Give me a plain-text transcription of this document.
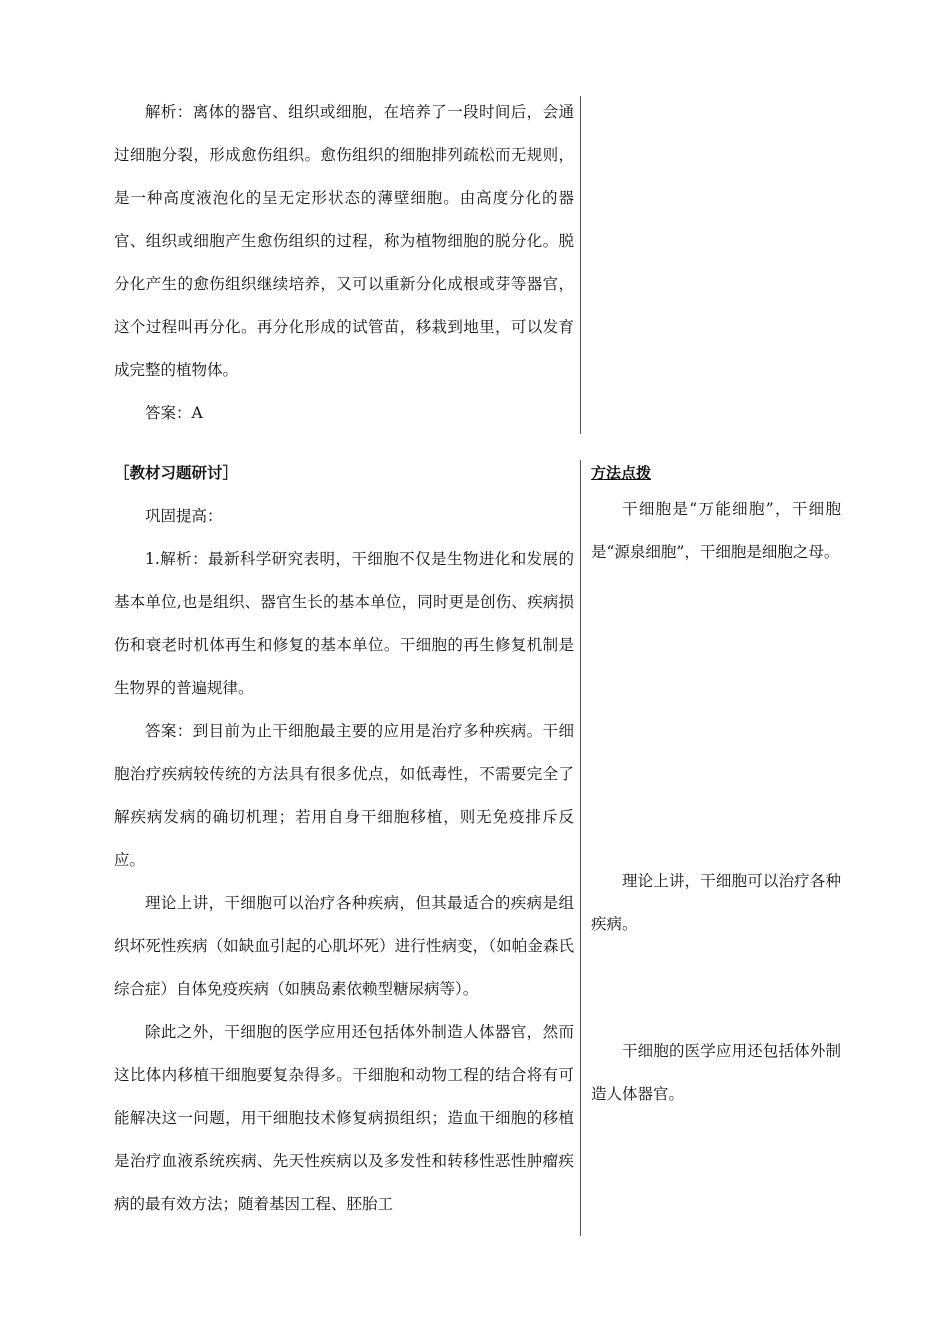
解析：离体的器官、组织或细胞，在培养了一段时间后，会通过细胞分裂，形成愈伤组织。愈伤组织的细胞排列疏松而无规则，是一种高度液泡化的呈无定形状态的薄壁细胞。由高度分化的器官、组织或细胞产生愈伤组织的过程，称为植物细胞的脱分化。脱分化产生的愈伤组织继续培养，又可以重新分化成根或芽等器官，这个过程叫再分化。再分化形成的试管苗，移栽到地里，可以发育成完整的植物体。

答案：A

［教材习题研讨］

巩固提高：

1.解析：最新科学研究表明，干细胞不仅是生物进化和发展的基本单位,也是组织、器官生长的基本单位，同时更是创伤、疾病损伤和衰老时机体再生和修复的基本单位。干细胞的再生修复机制是生物界的普遍规律。

答案：到目前为止干细胞最主要的应用是治疗多种疾病。干细胞治疗疾病较传统的方法具有很多优点，如低毒性，不需要完全了解疾病发病的确切机理；若用自身干细胞移植，则无免疫排斥反应。

理论上讲，干细胞可以治疗各种疾病，但其最适合的疾病是组织坏死性疾病（如缺血引起的心肌坏死）进行性病变，（如帕金森氏综合症）自体免疫疾病（如胰岛素依赖型糖尿病等）。

除此之外，干细胞的医学应用还包括体外制造人体器官，然而这比体内移植干细胞要复杂得多。干细胞和动物工程的结合将有可能解决这一问题，用干细胞技术修复病损组织；造血干细胞的移植是治疗血液系统疾病、先天性疾病以及多发性和转移性恶性肿瘤疾病的最有效方法；随着基因工程、胚胎工

方法点拨

干细胞是“万能细胞”，干细胞是“源泉细胞”，干细胞是细胞之母。

理论上讲，干细胞可以治疗各种疾病。

干细胞的医学应用还包括体外制造人体器官。
